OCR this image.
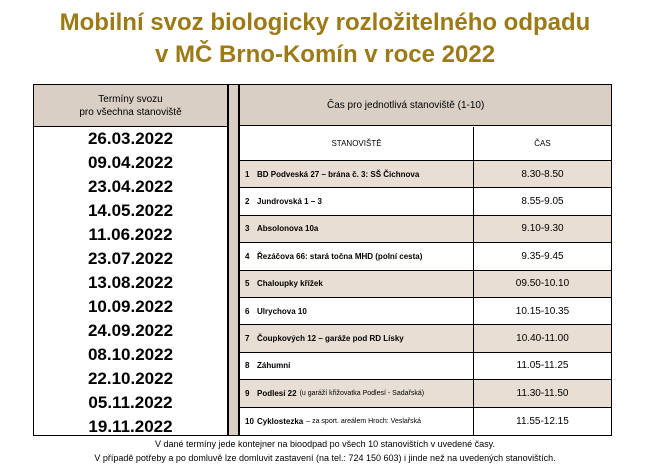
Mobilní svoz biologicky rozložitelného odpadu
v MČ Brno-Komín v roce 2022
Termíny svozu
pro všechna stanoviště
26.03.2022
09.04.2022
23.04.2022
14.05.2022
11.06.2022
23.07.2022
13.08.2022
10.09.2022
24.09.2022
08.10.2022
22.10.2022
05.11.2022
19.11.2022
Čas pro jednotlivá stanoviště (1-10)
STANOVIŠTĚ	ČAS
1 BD Podveská 27 – brána č. 3: SŠ Čichnova	8.30-8.50
2 Jundrovská 1 – 3	8.55-9.05
3 Absolonova 10a	9.10-9.30
4 Řezáčova 66: stará točna MHD (polní cesta)	9.35-9.45
5 Chaloupky křížek	09.50-10.10
6 Ulrychova 10	10.15-10.35
7 Čoupkových 12 – garáže pod RD Lísky	10.40-11.00
8 Záhumní	11.05-11.25
9 Podlesí 22 (u garáží křižovatka Podlesí - Sadařská)	11.30-11.50
10 Cyklostezka – za sport. areálem Hroch: Veslařská	11.55-12.15
V dané termíny jede kontejner na bioodpad po všech 10 stanovištích v uvedené časy.
V případě potřeby a po domluvě lze domluvit zastavení (na tel.: 724 150 603) i jinde než na uvedených stanovištích.
